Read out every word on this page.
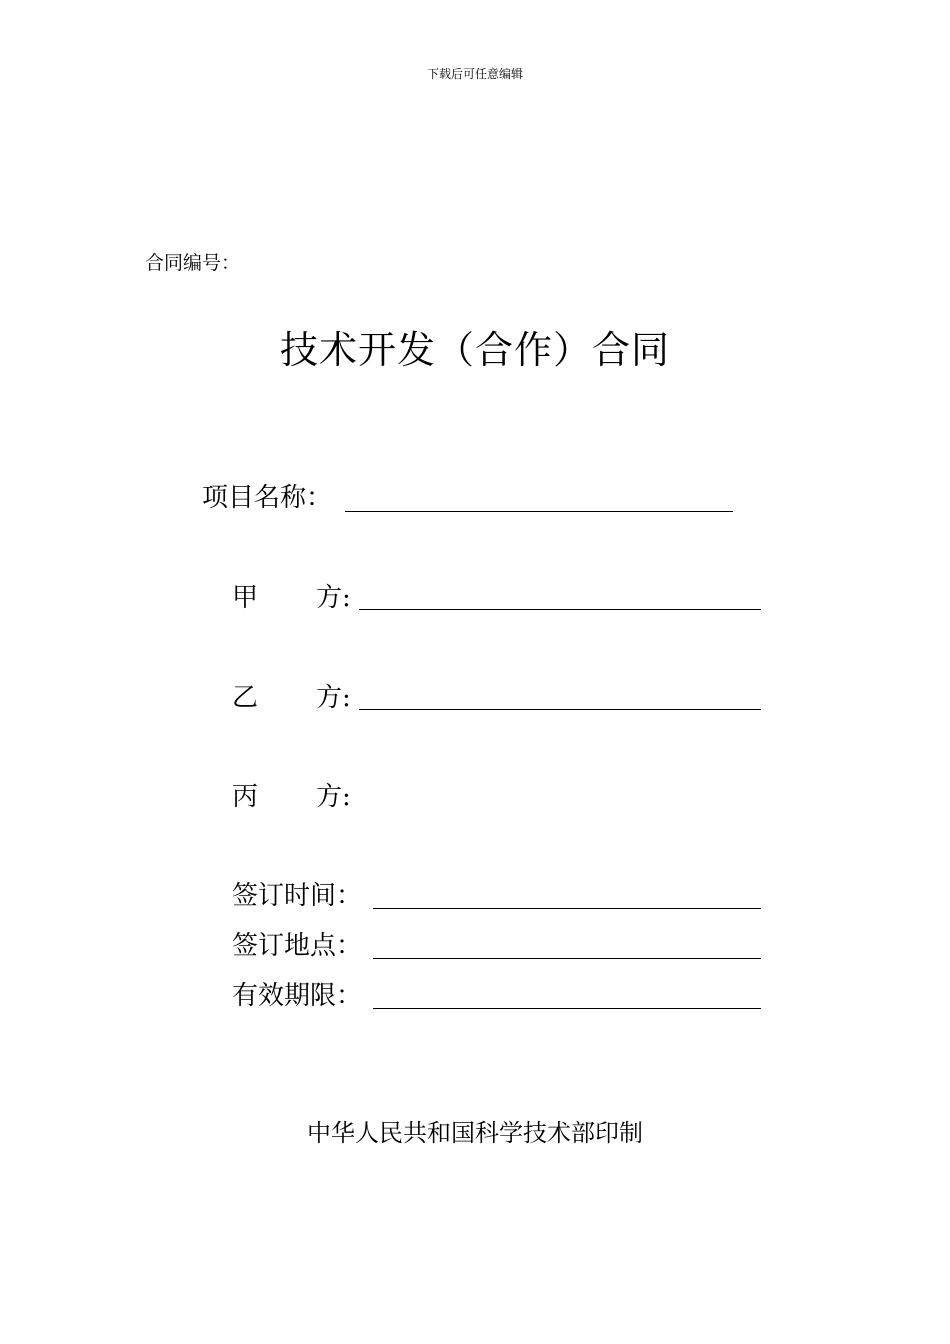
下载后可任意编辑
合同编号：
技术开发（合作）合同
项目名称：
甲 方:
乙 方:
丙 方:
签订时间：
签订地点：
有效期限：
中华人民共和国科学技术部印制
